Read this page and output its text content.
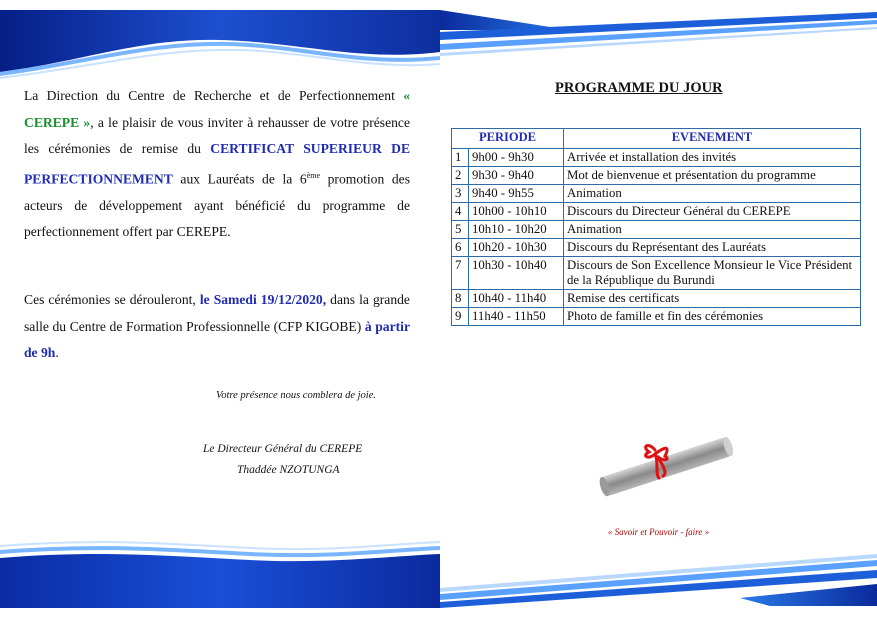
La Direction du Centre de Recherche et de Perfectionnement « CEREPE », a le plaisir de vous inviter à rehausser de votre présence les cérémonies de remise du CERTIFICAT SUPERIEUR DE PERFECTIONNEMENT aux Lauréats de la 6ème promotion des acteurs de développement ayant bénéficié du programme de perfectionnement offert par CEREPE.
Ces cérémonies se dérouleront, le Samedi 19/12/2020, dans la grande salle du Centre de Formation Professionnelle (CFP KIGOBE) à partir de 9h.
Votre présence nous comblera de joie.
Le Directeur Général du CEREPE
Thaddée NZOTUNGA
PROGRAMME DU JOUR
PERIODE		EVENEMENT
1	9h00 - 9h30	Arrivée et installation des invités
2	9h30 - 9h40	Mot de bienvenue et présentation du programme
3	9h40 - 9h55	Animation
4	10h00 - 10h10	Discours du Directeur Général du CEREPE
5	10h10 - 10h20	Animation
6	10h20 - 10h30	Discours du Représentant des Lauréats
7	10h30 - 10h40	Discours de Son Excellence Monsieur le Vice Président de la République du Burundi
8	10h40 - 11h40	Remise des certificats
9	11h40 - 11h50	Photo de famille et fin des cérémonies
« Savoir et Pouvoir - faire »
